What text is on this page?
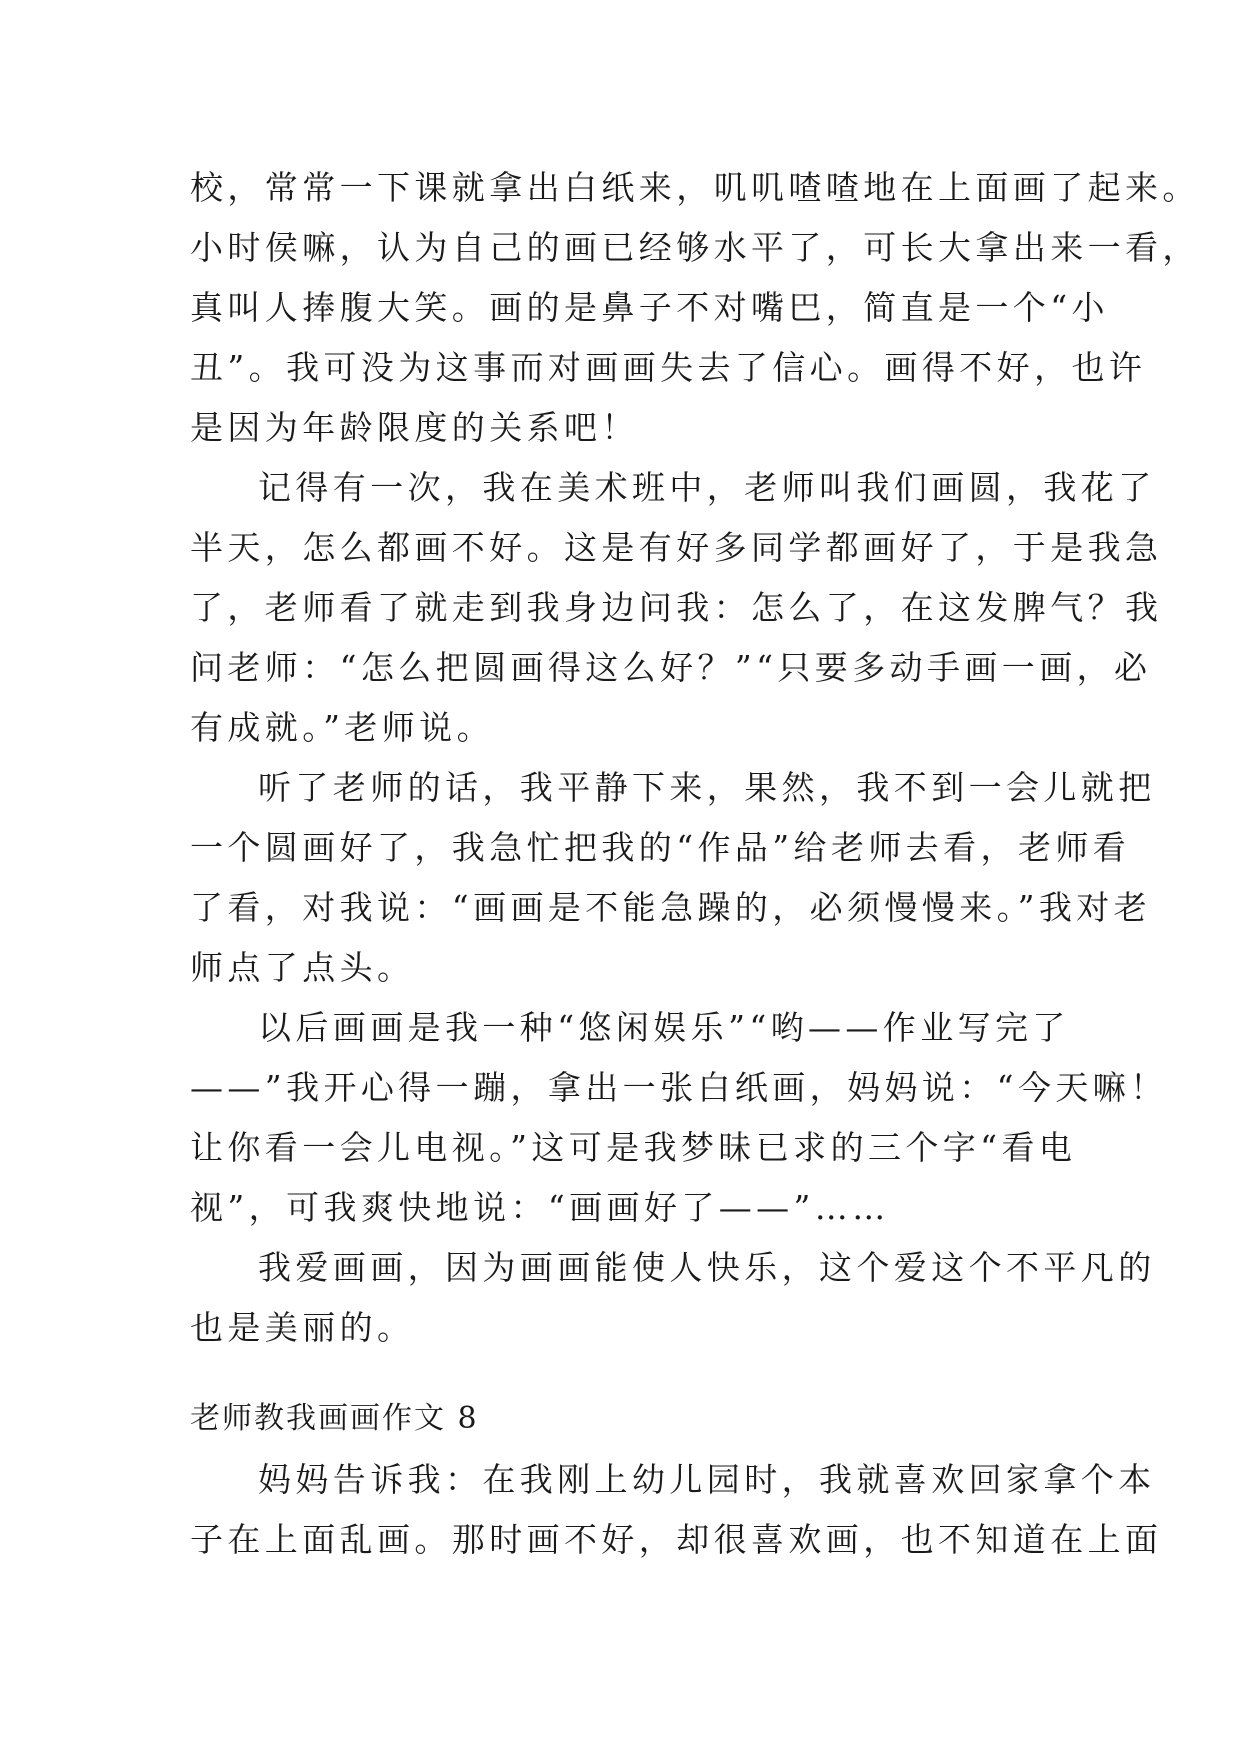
校，常常一下课就拿出白纸来，叽叽喳喳地在上面画了起来。
小时侯嘛，认为自己的画已经够水平了，可长大拿出来一看，
真叫人捧腹大笑。画的是鼻子不对嘴巴，简直是一个“小
丑”。我可没为这事而对画画失去了信心。画得不好，也许
是因为年龄限度的关系吧！
记得有一次，我在美术班中，老师叫我们画圆，我花了
半天，怎么都画不好。这是有好多同学都画好了，于是我急
了，老师看了就走到我身边问我：怎么了，在这发脾气？我
问老师：“怎么把圆画得这么好？”“只要多动手画一画，必
有成就。”老师说。
听了老师的话，我平静下来，果然，我不到一会儿就把
一个圆画好了，我急忙把我的“作品”给老师去看，老师看
了看，对我说：“画画是不能急躁的，必须慢慢来。”我对老
师点了点头。
以后画画是我一种“悠闲娱乐”“哟——作业写完了
——”我开心得一蹦，拿出一张白纸画，妈妈说：“今天嘛！
让你看一会儿电视。”这可是我梦昧已求的三个字“看电
视”，可我爽快地说：“画画好了——”……
我爱画画，因为画画能使人快乐，这个爱这个不平凡的
也是美丽的。
老师教我画画作文 8
妈妈告诉我：在我刚上幼儿园时，我就喜欢回家拿个本
子在上面乱画。那时画不好，却很喜欢画，也不知道在上面
